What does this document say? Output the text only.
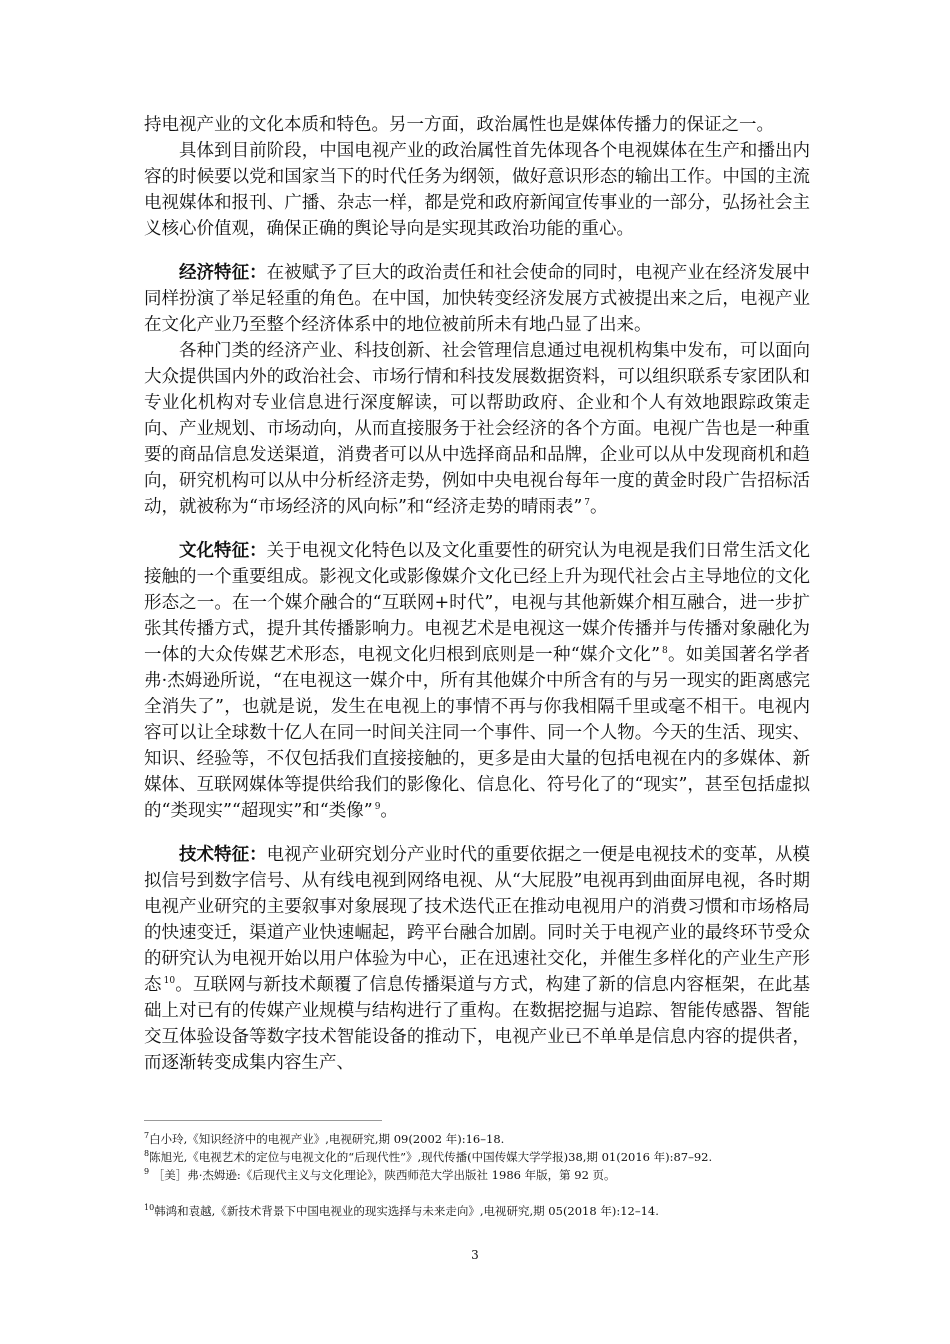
持电视产业的文化本质和特色。另一方面，政治属性也是媒体传播力的保证之一。

具体到目前阶段，中国电视产业的政治属性首先体现各个电视媒体在生产和播出内容的时候要以党和国家当下的时代任务为纲领，做好意识形态的输出工作。中国的主流电视媒体和报刊、广播、杂志一样，都是党和政府新闻宣传事业的一部分，弘扬社会主义核心价值观，确保正确的舆论导向是实现其政治功能的重心。

经济特征：在被赋予了巨大的政治责任和社会使命的同时，电视产业在经济发展中同样扮演了举足轻重的角色。在中国，加快转变经济发展方式被提出来之后，电视产业在文化产业乃至整个经济体系中的地位被前所未有地凸显了出来。

各种门类的经济产业、科技创新、社会管理信息通过电视机构集中发布，可以面向大众提供国内外的政治社会、市场行情和科技发展数据资料，可以组织联系专家团队和专业化机构对专业信息进行深度解读，可以帮助政府、企业和个人有效地跟踪政策走向、产业规划、市场动向，从而直接服务于社会经济的各个方面。电视广告也是一种重要的商品信息发送渠道，消费者可以从中选择商品和品牌，企业可以从中发现商机和趋向，研究机构可以从中分析经济走势，例如中央电视台每年一度的黄金时段广告招标活动，就被称为“市场经济的风向标”和“经济走势的晴雨表” $^7$。

文化特征：关于电视文化特色以及文化重要性的研究认为电视是我们日常生活文化接触的一个重要组成。影视文化或影像媒介文化已经上升为现代社会占主导地位的文化形态之一。在一个媒介融合的“互联网+时代”，电视与其他新媒介相互融合，进一步扩张其传播方式，提升其传播影响力。电视艺术是电视这一媒介传播并与传播对象融化为一体的大众传媒艺术形态，电视文化归根到底则是一种“媒介文化” $^8$。如美国著名学者弗·杰姆逊所说，“在电视这一媒介中，所有其他媒介中所含有的与另一现实的距离感完全消失了”，也就是说，发生在电视上的事情不再与你我相隔千里或毫不相干。电视内容可以让全球数十亿人在同一时间关注同一个事件、同一个人物。今天的生活、现实、知识、经验等，不仅包括我们直接接触的，更多是由大量的包括电视在内的多媒体、新媒体、互联网媒体等提供给我们的影像化、信息化、符号化了的“现实”，甚至包括虚拟的“类现实”“超现实”和“类像” $^9$。

技术特征：电视产业研究划分产业时代的重要依据之一便是电视技术的变革，从模拟信号到数字信号、从有线电视到网络电视、从“大屁股”电视再到曲面屏电视，各时期电视产业研究的主要叙事对象展现了技术迭代正在推动电视用户的消费习惯和市场格局的快速变迁，渠道产业快速崛起，跨平台融合加剧。同时关于电视产业的最终环节受众的研究认为电视开始以用户体验为中心，正在迅速社交化，并催生多样化的产业生产形态 $^{10}$。互联网与新技术颠覆了信息传播渠道与方式，构建了新的信息内容框架，在此基础上对已有的传媒产业规模与结构进行了重构。在数据挖掘与追踪、智能传感器、智能交互体验设备等数字技术智能设备的推动下，电视产业已不单单是信息内容的提供者，而逐渐转变成集内容生产、

$^7$白小玲,《知识经济中的电视产业》,电视研究,期 09(2002 年):16–18.

$^8$陈旭光,《电视艺术的定位与电视文化的“后现代性”》,现代传播(中国传媒大学学报)38,期 01(2016 年):87–92.

$^9$ ［美］弗·杰姆逊:《后现代主义与文化理论》，陕西师范大学出版社 1986 年版，第 92 页。

$^{10}$韩鸿和袁越,《新技术背景下中国电视业的现实选择与未来走向》,电视研究,期 05(2018 年):12–14.

3
